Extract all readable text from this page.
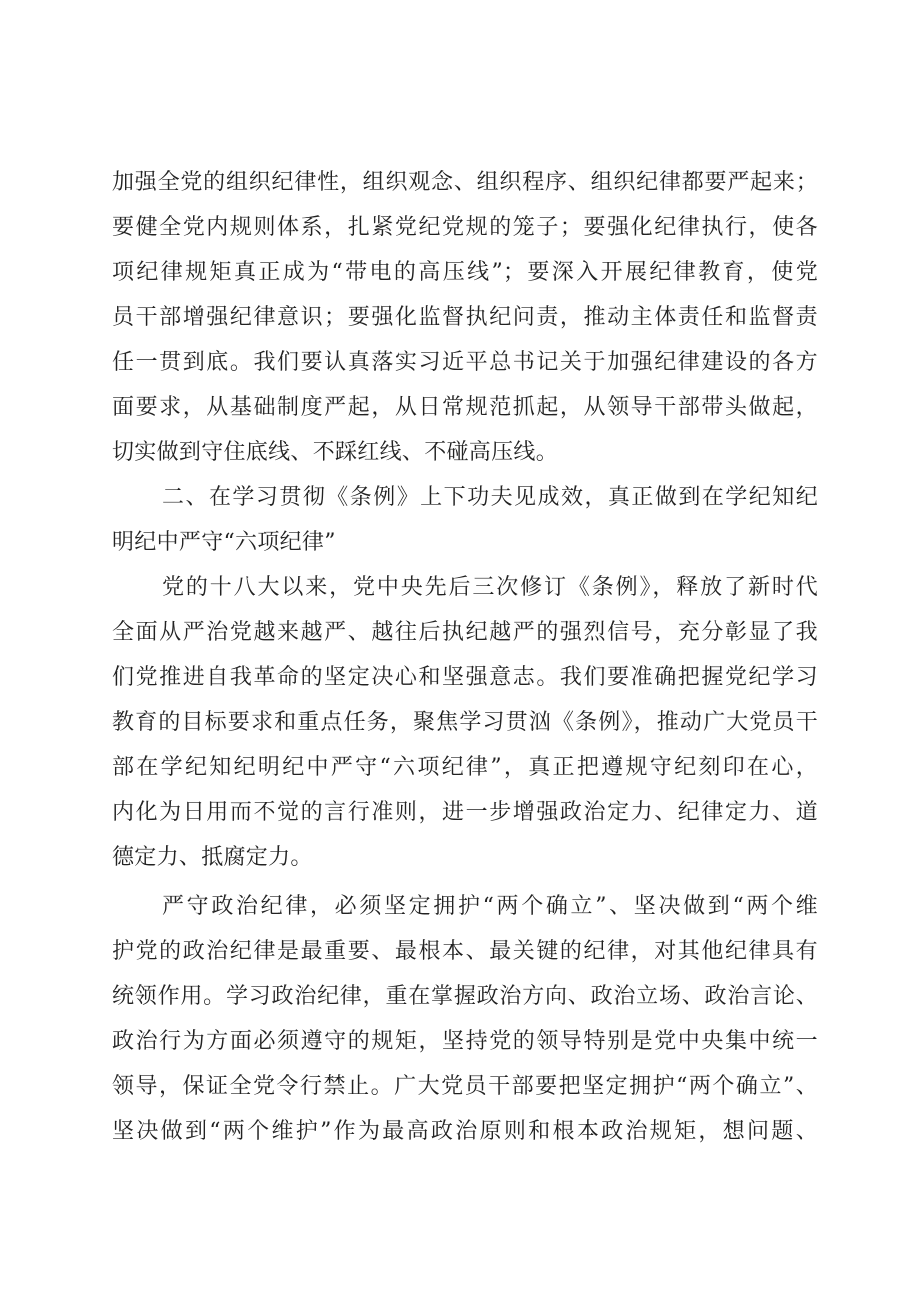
加强全党的组织纪律性，组织观念、组织程序、组织纪律都要严起来；
要健全党内规则体系，扎紧党纪党规的笼子；要强化纪律执行，使各
项纪律规矩真正成为“带电的高压线”；要深入开展纪律教育，使党
员干部增强纪律意识；要强化监督执纪问责，推动主体责任和监督责
任一贯到底。我们要认真落实习近平总书记关于加强纪律建设的各方
面要求，从基础制度严起，从日常规范抓起，从领导干部带头做起，
切实做到守住底线、不踩红线、不碰高压线。
二、在学习贯彻《条例》上下功夫见成效，真正做到在学纪知纪
明纪中严守“六项纪律”
党的十八大以来，党中央先后三次修订《条例》，释放了新时代
全面从严治党越来越严、越往后执纪越严的强烈信号，充分彰显了我
们党推进自我革命的坚定决心和坚强意志。我们要准确把握党纪学习
教育的目标要求和重点任务，聚焦学习贯汹《条例》，推动广大党员干
部在学纪知纪明纪中严守“六项纪律”，真正把遵规守纪刻印在心，
内化为日用而不觉的言行准则，进一步增强政治定力、纪律定力、道
德定力、抵腐定力。
严守政治纪律，必须坚定拥护“两个确立”、坚决做到“两个维
护党的政治纪律是最重要、最根本、最关键的纪律，对其他纪律具有
统领作用。学习政治纪律，重在掌握政治方向、政治立场、政治言论、
政治行为方面必须遵守的规矩，坚持党的领导特别是党中央集中统一
领导，保证全党令行禁止。广大党员干部要把坚定拥护“两个确立”、
坚决做到“两个维护”作为最高政治原则和根本政治规矩，想问题、
